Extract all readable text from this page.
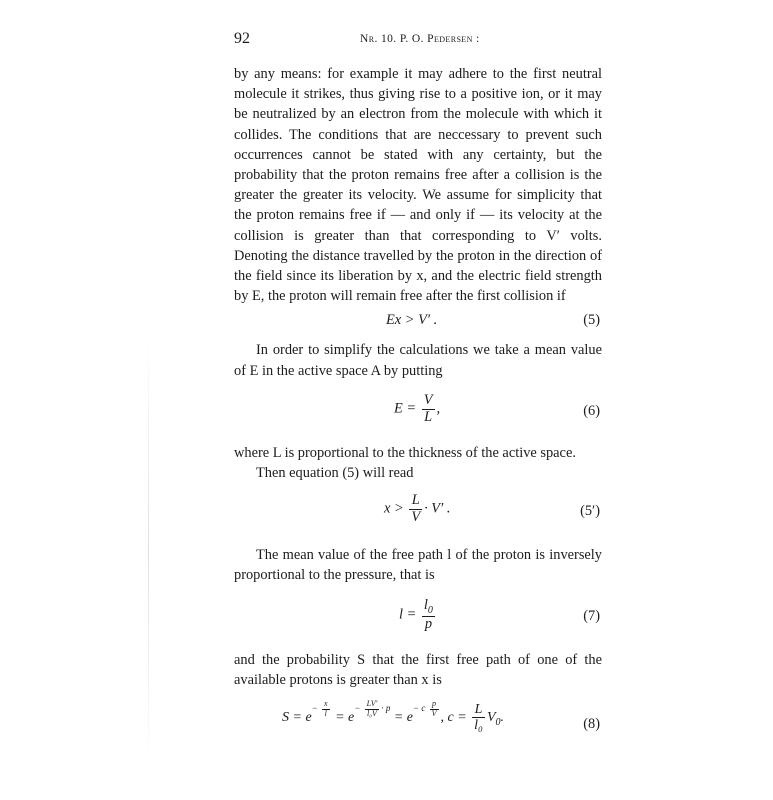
92	Nr. 10. P. O. Pedersen :

by any means: for example it may adhere to the first neutral molecule it strikes, thus giving rise to a positive ion, or it may be neutralized by an electron from the molecule with which it collides. The conditions that are neccessary to prevent such occurrences cannot be stated with any certainty, but the probability that the proton remains free after a collision is the greater the greater its velocity. We assume for simplicity that the proton remains free if — and only if — its velocity at the collision is greater than that corresponding to V′ volts. Denoting the distance travelled by the proton in the direction of the field since its liberation by x, and the electric field strength by E, the proton will remain free after the first collision if

Ex > V′ .	(5)

In order to simplify the calculations we take a mean value of E in the active space A by putting

$E = \frac{V}{L}$ ,	(6)

where L is proportional to the thickness of the active space.

Then equation (5) will read

$x > \frac{L}{V} \cdot V'$ .	(5′)

The mean value of the free path l of the proton is inversely proportional to the pressure, that is

$l = \frac{l_0}{p}$	(7)

and the probability S that the first free path of one of the available protons is greater than x is

$S = e^{- \frac{x}{l}} = e^{- \frac{LV'}{\text{l₀V}} \cdot p} = e^{- c \frac{p}{V}}$ , $c = \frac{L}{\text{l₀}} V_0$.	(8)
